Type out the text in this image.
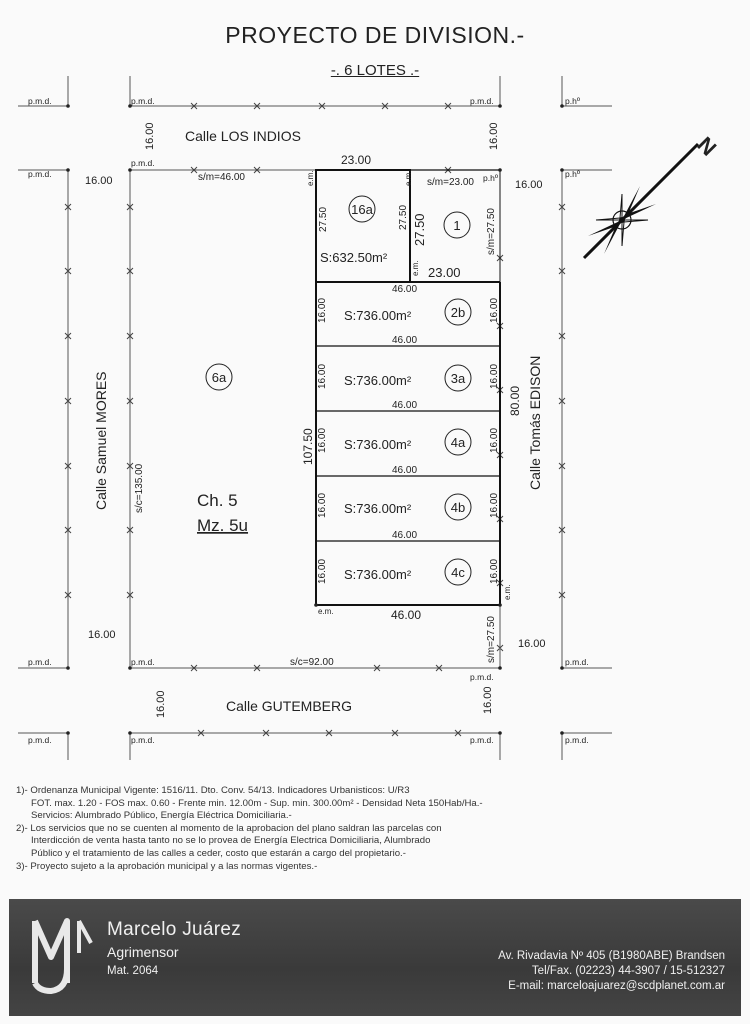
PROYECTO DE DIVISION.-
-. 6 LOTES .-
p.m.d.	p.m.d.	p.m.d.	p.hº
p.m.d.
p.m.d.
p.hº	p.hº
p.m.d.	p.m.d.
p.m.d.
p.m.d.
p.m.d.	p.m.d.	p.m.d.	p.m.d.
e.m.	e.m.
e.m.
e.m.
e.m.
Calle LOS INDIOS
Calle GUTEMBERG
Calle Samuel MORES	Calle Tomás EDISON
16.00	16.00
16.00
16.00
16.00
16.00
16.00	16.00
s/m=46.00
s/c=135.00
s/c=92.00
s/m=23.00
s/m=27.50
s/m=27.50
6a
Ch. 5
Mz. 5u
23.00
27.50	27.50
16a
S:632.50m²
27.50 1
23.00
46.00
16.00	16.00
S:736.00m²	2b
46.00
16.00	16.00
S:736.00m²	3a
46.00
16.00	16.00
S:736.00m²	4a
46.00
16.00	16.00
S:736.00m²	4b
46.00
16.00	16.00
S:736.00m²	4c
46.00
107.50
80.00
N

1)- Ordenanza Municipal Vigente: 1516/11. Dto. Conv. 54/13. Indicadores Urbanisticos: U/R3

FOT. max. 1.20 - FOS max. 0.60 - Frente min. 12.00m - Sup. min. 300.00m² - Densidad Neta 150Hab/Ha.-

Servicios: Alumbrado Público, Energía Eléctrica Domiciliaria.-

2)- Los servicios que no se cuenten al momento de la aprobacion del plano saldran las parcelas con

Interdicción de venta hasta tanto no se lo provea de Energía Electrica Domiciliaria, Alumbrado

Público y el tratamiento de las calles a ceder, costo que estarán a cargo del propietario.-

3)- Proyecto sujeto a la aprobación municipal y a las normas vigentes.-

Marcelo Juárez
Agrimensor
Mat. 2064
Av. Rivadavia Nº 405 (B1980ABE) Brandsen
Tel/Fax. (02223) 44-3907 / 15-512327
E-mail: marceloajuarez@scdplanet.com.ar
